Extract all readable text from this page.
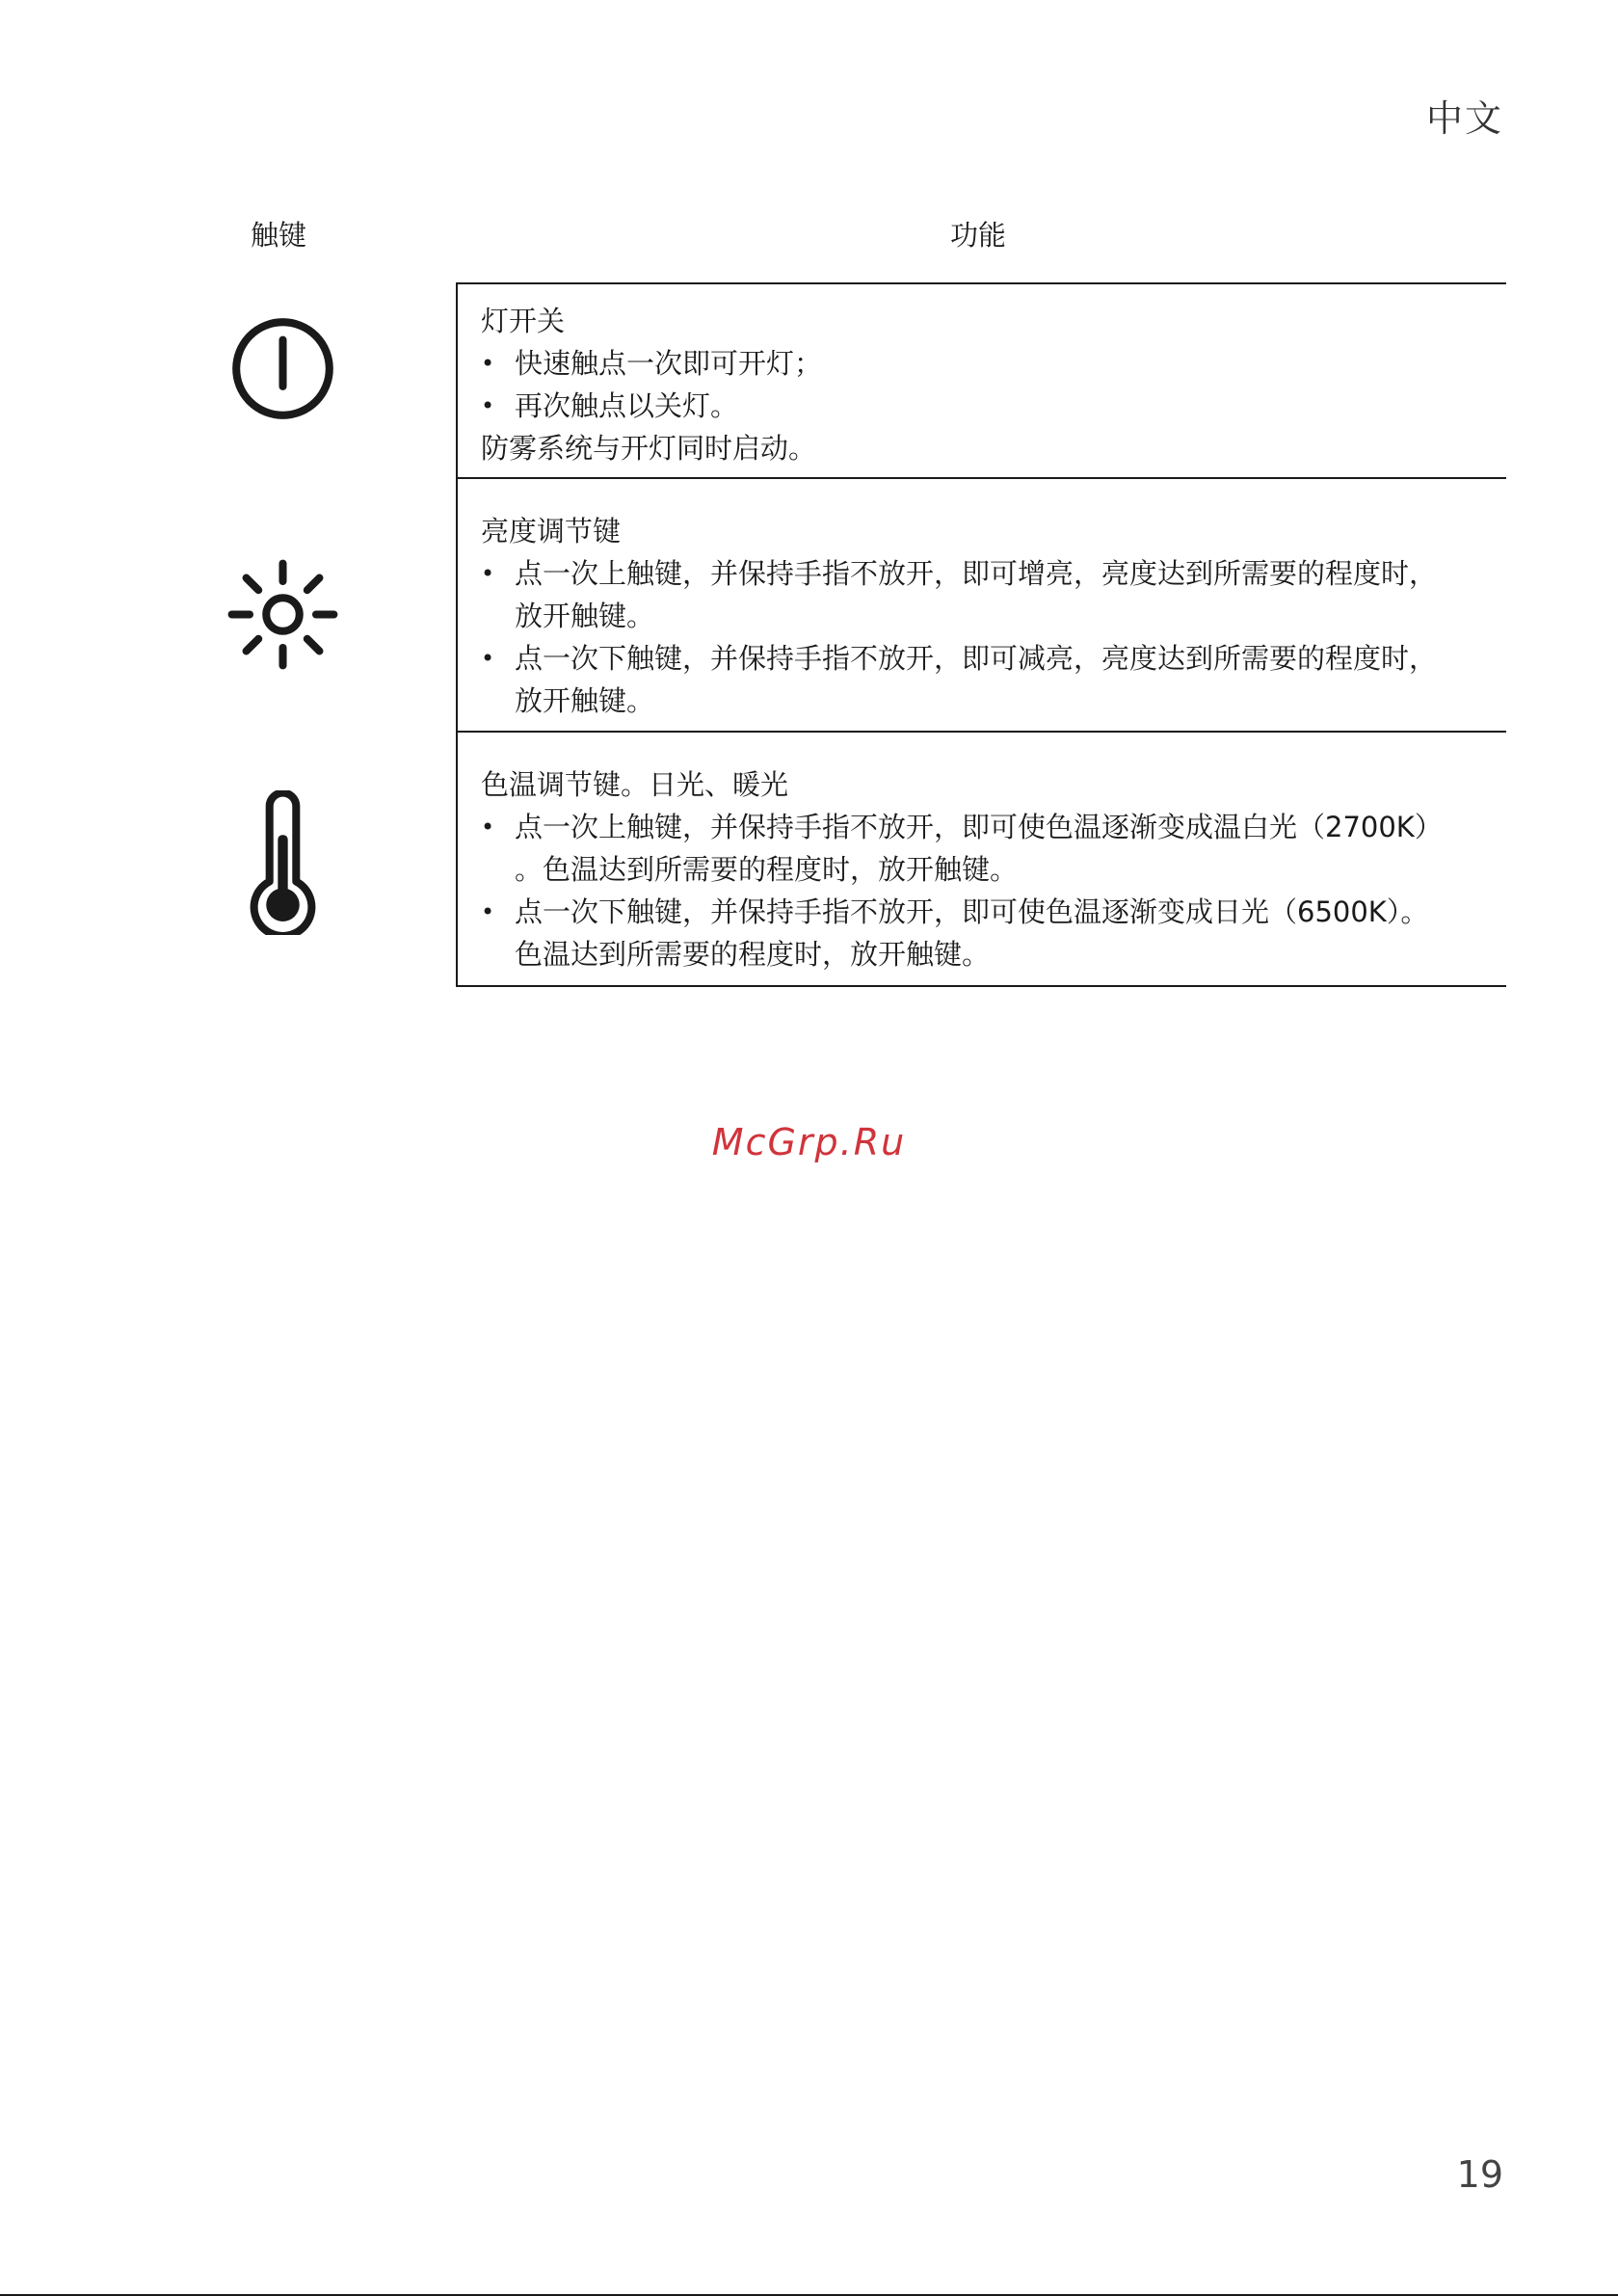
中文
触键	功能
灯开关
• 快速触点一次即可开灯；
• 再次触点以关灯。
防雾系统与开灯同时启动。
亮度调节键
• 点一次上触键，并保持手指不放开，即可增亮，亮度达到所需要的程度时，
放开触键。
• 点一次下触键，并保持手指不放开，即可减亮，亮度达到所需要的程度时，
放开触键。
色温调节键。日光、暖光
• 点一次上触键，并保持手指不放开，即可使色温逐渐变成温白光（2700K）
。色温达到所需要的程度时，放开触键。
• 点一次下触键，并保持手指不放开，即可使色温逐渐变成日光（6500K）。
色温达到所需要的程度时，放开触键。
McGrp.Ru
19
